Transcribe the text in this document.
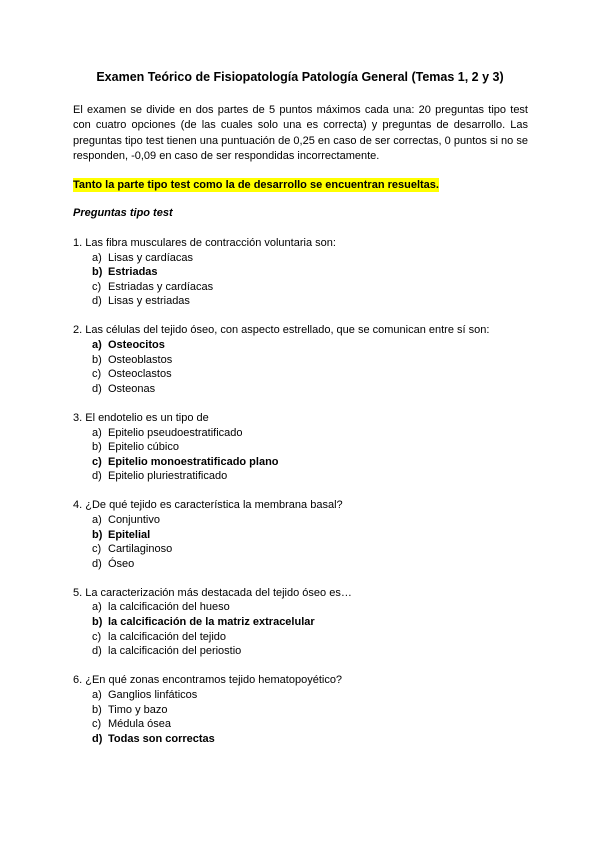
Examen Teórico de Fisiopatología Patología General (Temas 1, 2 y 3)

El examen se divide en dos partes de 5 puntos máximos cada una: 20 preguntas tipo test con cuatro opciones (de las cuales solo una es correcta) y preguntas de desarrollo. Las preguntas tipo test tienen una puntuación de 0,25 en caso de ser correctas, 0 puntos si no se responden, -0,09 en caso de ser respondidas incorrectamente.

Tanto la parte tipo test como la de desarrollo se encuentran resueltas.

Preguntas tipo test

1. Las fibra musculares de contracción voluntaria son:
a) Lisas y cardíacas
b) Estriadas
c) Estriadas y cardíacas
d) Lisas y estriadas
2. Las células del tejido óseo, con aspecto estrellado, que se comunican entre sí son:
a) Osteocitos
b) Osteoblastos
c) Osteoclastos
d) Osteonas
3. El endotelio es un tipo de
a) Epitelio pseudoestratificado
b) Epitelio cúbico
c) Epitelio monoestratificado plano
d) Epitelio pluriestratificado
4. ¿De qué tejido es característica la membrana basal?
a) Conjuntivo
b) Epitelial
c) Cartilaginoso
d) Óseo
5. La caracterización más destacada del tejido óseo es…
a) la calcificación del hueso
b) la calcificación de la matriz extracelular
c) la calcificación del tejido
d) la calcificación del periostio
6. ¿En qué zonas encontramos tejido hematopoyético?
a) Ganglios linfáticos
b) Timo y bazo
c) Médula ósea
d) Todas son correctas
